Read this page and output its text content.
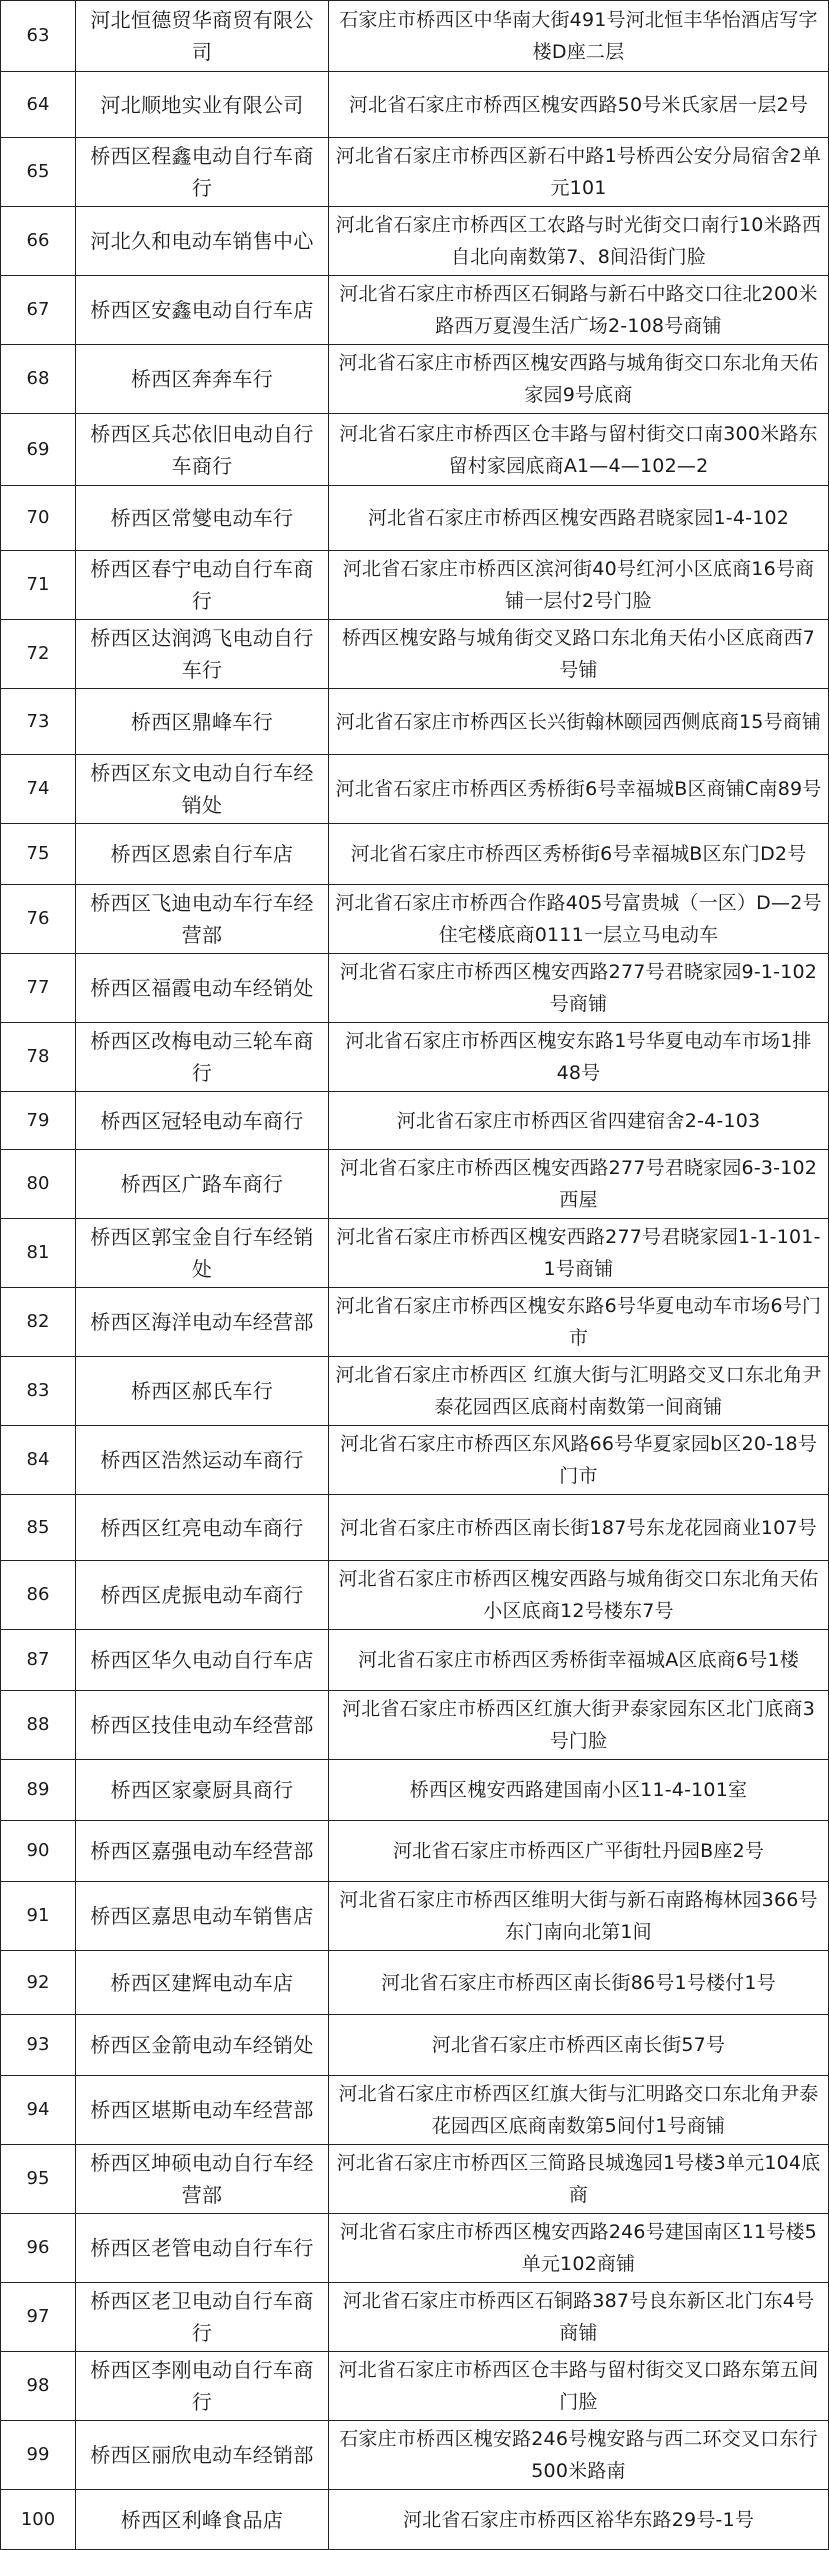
63	河北恒德贸华商贸有限公司	石家庄市桥西区中华南大街491号河北恒丰华怡酒店写字楼D座二层
64	河北顺地实业有限公司	河北省石家庄市桥西区槐安西路50号米氏家居一层2号
65	桥西区程鑫电动自行车商行	河北省石家庄市桥西区新石中路1号桥西公安分局宿舍2单元101
66	河北久和电动车销售中心	河北省石家庄市桥西区工农路与时光街交口南行10米路西自北向南数第7、8间沿街门脸
67	桥西区安鑫电动自行车店	河北省石家庄市桥西区石铜路与新石中路交口往北200米路西万夏漫生活广场2-108号商铺
68	桥西区奔奔车行	河北省石家庄市桥西区槐安西路与城角街交口东北角天佑家园9号底商
69	桥西区兵芯依旧电动自行车商行	河北省石家庄市桥西区仓丰路与留村街交口南300米路东留村家园底商A1—4—102—2
70	桥西区常燮电动车行	河北省石家庄市桥西区槐安西路君晓家园1-4-102
71	桥西区春宁电动自行车商行	河北省石家庄市桥西区滨河街40号红河小区底商16号商铺一层付2号门脸
72	桥西区达润鸿飞电动自行车行	桥西区槐安路与城角街交叉路口东北角天佑小区底商西7号铺
73	桥西区鼎峰车行	河北省石家庄市桥西区长兴街翰林颐园西侧底商15号商铺
74	桥西区东文电动自行车经销处	河北省石家庄市桥西区秀桥街6号幸福城B区商铺C南89号
75	桥西区恩索自行车店	河北省石家庄市桥西区秀桥街6号幸福城B区东门D2号
76	桥西区飞迪电动车行车经营部	河北省石家庄市桥西合作路405号富贵城（一区）D—2号住宅楼底商0111一层立马电动车
77	桥西区福霞电动车经销处	河北省石家庄市桥西区槐安西路277号君晓家园9-1-102号商铺
78	桥西区改梅电动三轮车商行	河北省石家庄市桥西区槐安东路1号华夏电动车市场1排48号
79	桥西区冠轻电动车商行	河北省石家庄市桥西区省四建宿舍2-4-103
80	桥西区广路车商行	河北省石家庄市桥西区槐安西路277号君晓家园6-3-102西屋
81	桥西区郭宝金自行车经销处	河北省石家庄市桥西区槐安西路277号君晓家园1-1-101-1号商铺
82	桥西区海洋电动车经营部	河北省石家庄市桥西区槐安东路6号华夏电动车市场6号门市
83	桥西区郝氏车行	河北省石家庄市桥西区 红旗大街与汇明路交叉口东北角尹泰花园西区底商村南数第一间商铺
84	桥西区浩然运动车商行	河北省石家庄市桥西区东风路66号华夏家园b区20-18号门市
85	桥西区红亮电动车商行	河北省石家庄市桥西区南长街187号东龙花园商业107号
86	桥西区虎振电动车商行	河北省石家庄市桥西区槐安西路与城角街交口东北角天佑小区底商12号楼东7号
87	桥西区华久电动自行车店	河北省石家庄市桥西区秀桥街幸福城A区底商6号1楼
88	桥西区技佳电动车经营部	河北省石家庄市桥西区红旗大街尹泰家园东区北门底商3号门脸
89	桥西区家豪厨具商行	桥西区槐安西路建国南小区11-4-101室
90	桥西区嘉强电动车经营部	河北省石家庄市桥西区广平街牡丹园B座2号
91	桥西区嘉思电动车销售店	河北省石家庄市桥西区维明大街与新石南路梅林园366号东门南向北第1间
92	桥西区建辉电动车店	河北省石家庄市桥西区南长街86号1号楼付1号
93	桥西区金箭电动车经销处	河北省石家庄市桥西区南长街57号
94	桥西区堪斯电动车经营部	河北省石家庄市桥西区红旗大街与汇明路交口东北角尹泰花园西区底商南数第5间付1号商铺
95	桥西区坤硕电动自行车经营部	河北省石家庄市桥西区三简路艮城逸园1号楼3单元104底商
96	桥西区老管电动自行车行	河北省石家庄市桥西区槐安西路246号建国南区11号楼5单元102商铺
97	桥西区老卫电动自行车商行	河北省石家庄市桥西区石铜路387号良东新区北门东4号商铺
98	桥西区李刚电动自行车商行	河北省石家庄市桥西区仓丰路与留村街交叉口路东第五间门脸
99	桥西区丽欣电动车经销部	石家庄市桥西区槐安路246号槐安路与西二环交叉口东行500米路南
100	桥西区利峰食品店	河北省石家庄市桥西区裕华东路29号-1号
